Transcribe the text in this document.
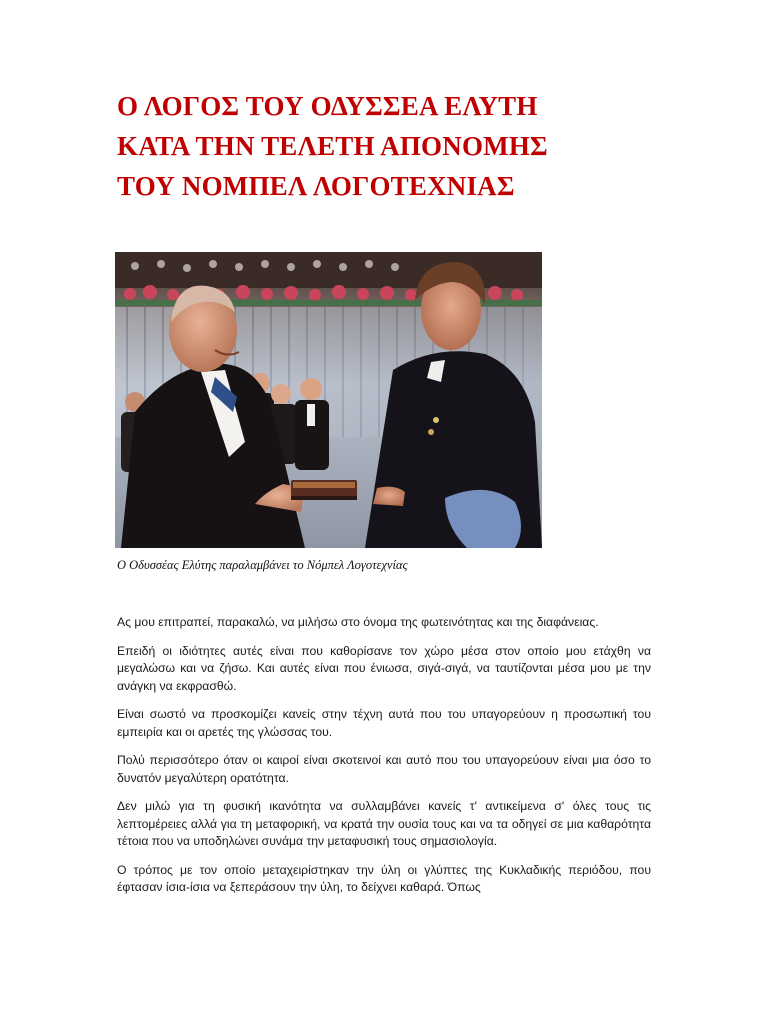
Ο ΛΟΓΟΣ ΤΟΥ ΟΔΥΣΣΕΑ ΕΛΥΤΗ
ΚΑΤΑ ΤΗΝ ΤΕΛΕΤΗ ΑΠΟΝΟΜΗΣ
ΤΟΥ ΝΟΜΠΕΛ ΛΟΓΟΤΕΧΝΙΑΣ
Ο Οδυσσέας Ελύτης παραλαμβάνει το Νόμπελ Λογοτεχνίας

Ας μου επιτραπεί, παρακαλώ, να μιλήσω στο όνομα της φωτεινότητας και της διαφάνειας.

Επειδή οι ιδιότητες αυτές είναι που καθορίσανε τον χώρο μέσα στον οποίο μου ετάχθη να μεγαλώσω και να ζήσω. Και αυτές είναι που ένιωσα, σιγά-σιγά, να ταυτίζονται μέσα μου με την ανάγκη να εκφρασθώ.

Είναι σωστό να προσκομίζει κανείς στην τέχνη αυτά που του υπαγορεύουν η προσωπική του εμπειρία και οι αρετές της γλώσσας του.

Πολύ περισσότερο όταν οι καιροί είναι σκοτεινοί και αυτό που του υπαγορεύουν είναι μια όσο το δυνατόν μεγαλύτερη ορατότητα.

Δεν μιλώ για τη φυσική ικανότητα να συλλαμβάνει κανείς τ' αντικείμενα σ' όλες τους τις λεπτομέρειες αλλά για τη μεταφορική, να κρατά την ουσία τους και να τα οδηγεί σε μια καθαρότητα τέτοια που να υποδηλώνει συνάμα την μεταφυσική τους σημασιολογία.

Ο τρόπος με τον οποίο μεταχειρίστηκαν την ύλη οι γλύπτες της Κυκλαδικής περιόδου, που έφτασαν ίσια-ίσια να ξεπεράσουν την ύλη, το δείχνει καθαρά. Όπως
